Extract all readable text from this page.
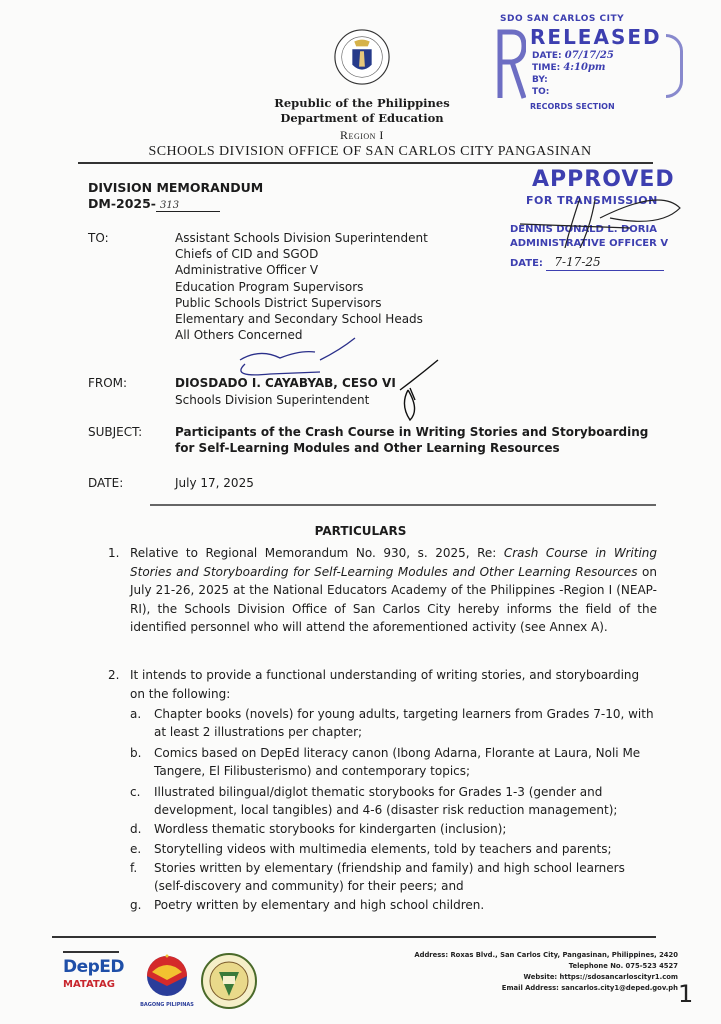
Republic of the Philippines
Department of Education
Region I
SCHOOLS DIVISION OFFICE OF SAN CARLOS CITY PANGASINAN
SDO SAN CARLOS CITY
RELEASED
DATE: 07/17/25
TIME: 4:10pm
BY:
TO:
RECORDS SECTION
APPROVED
FOR TRANSMISSION
DENNIS DONALD L. DORIA
ADMINISTRATIVE OFFICER V
DATE: 7-17-25
DIVISION MEMORANDUM
DM-2025- 313
TO:	Assistant Schools Division Superintendent
Chiefs of CID and SGOD
Administrative Officer V
Education Program Supervisors
Public Schools District Supervisors
Elementary and Secondary School Heads
All Others Concerned
FROM:	DIOSDADO I. CAYABYAB, CESO VI
Schools Division Superintendent
SUBJECT:	Participants of the Crash Course in Writing Stories and Storyboarding for Self-Learning Modules and Other Learning Resources
DATE:	July 17, 2025
PARTICULARS
1. Relative to Regional Memorandum No. 930, s. 2025, Re: Crash Course in Writing Stories and Storyboarding for Self-Learning Modules and Other Learning Resources on July 21-26, 2025 at the National Educators Academy of the Philippines -Region I (NEAP-RI), the Schools Division Office of San Carlos City hereby informs the field of the identified personnel who will attend the aforementioned activity (see Annex A).
2. It intends to provide a functional understanding of writing stories, and storyboarding on the following:
a.	Chapter books (novels) for young adults, targeting learners from Grades 7-10, with at least 2 illustrations per chapter;
b.	Comics based on DepEd literacy canon (Ibong Adarna, Florante at Laura, Noli Me Tangere, El Filibusterismo) and contemporary topics;
c.	Illustrated bilingual/diglot thematic storybooks for Grades 1-3 (gender and development, local tangibles) and 4-6 (disaster risk reduction management);
d.	Wordless thematic storybooks for kindergarten (inclusion);
e.	Storytelling videos with multimedia elements, told by teachers and parents;
f.	Stories written by elementary (friendship and family) and high school learners (self-discovery and community) for their peers; and
g.	Poetry written by elementary and high school children.
DepED
MATATAG
BAGONG PILIPINAS
Address: Roxas Blvd., San Carlos City, Pangasinan, Philippines, 2420
Telephone No. 075-523 4527
Website: https://sdosancarloscityr1.com
Email Address: sancarlos.city1@deped.gov.ph 1
